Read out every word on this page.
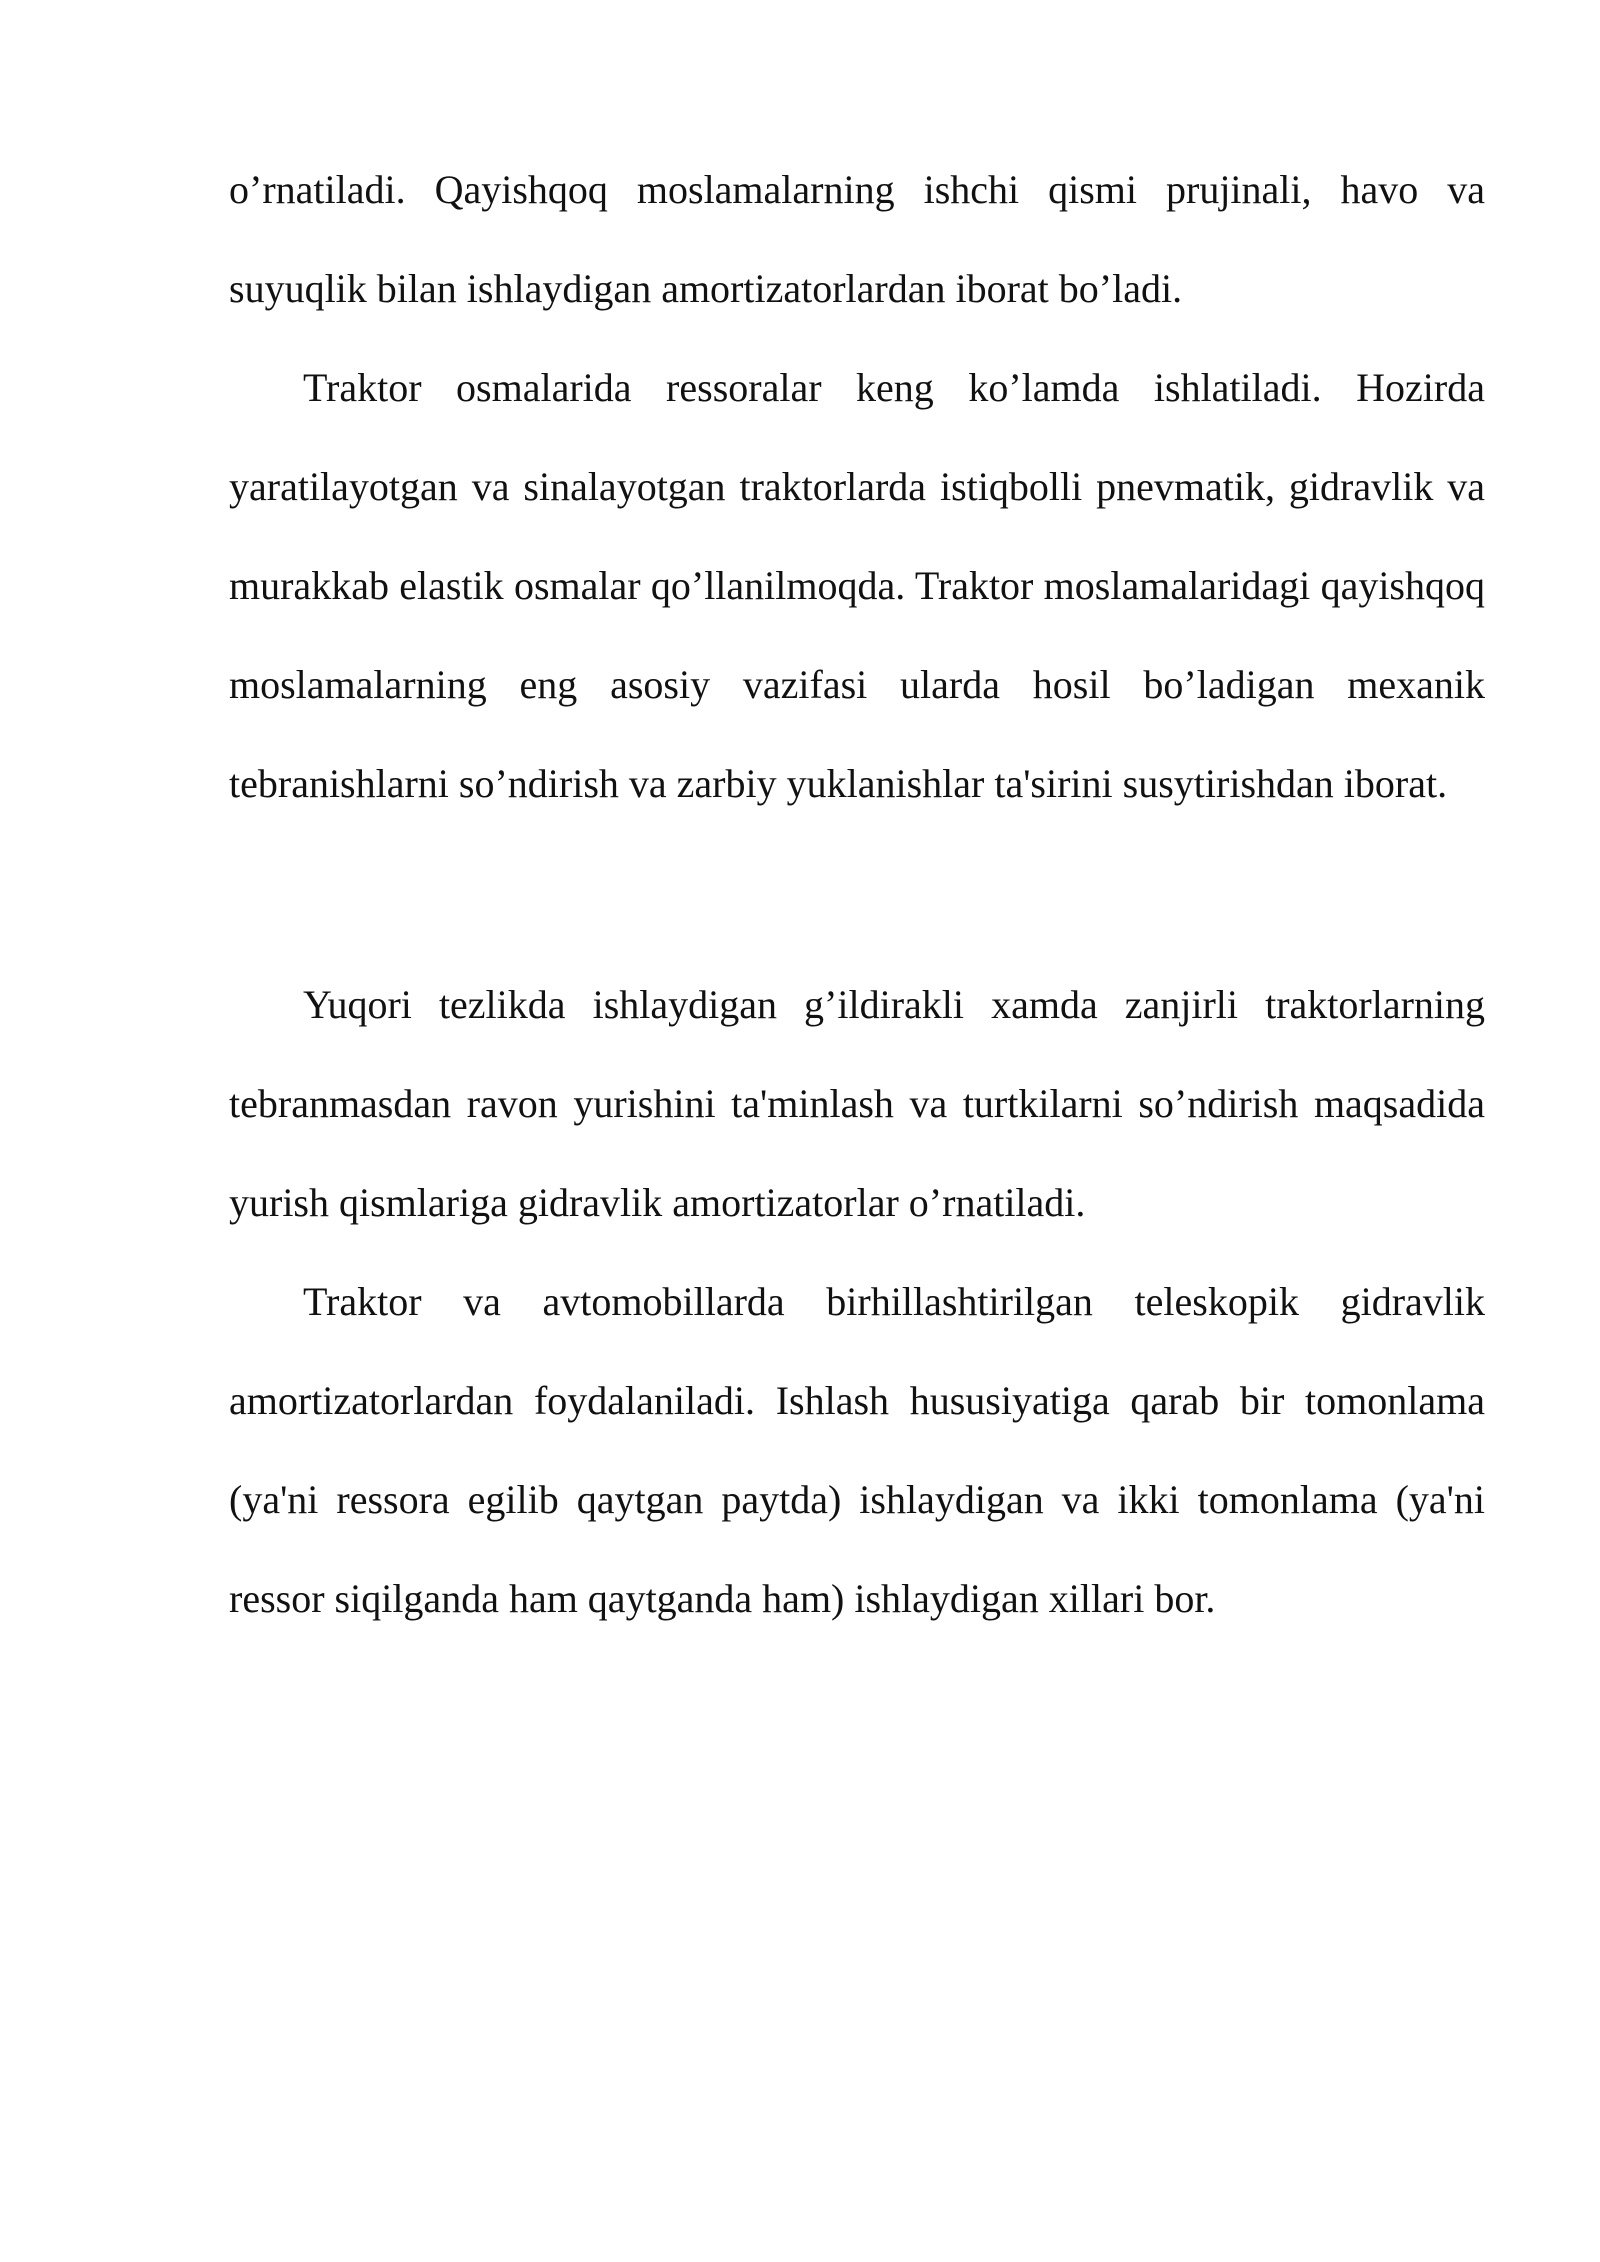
o’rnatiladi. Qayishqoq moslamalarning ishchi qismi prujinali, havo va suyuqlik bilan ishlaydigan amortizatorlardan iborat bo’ladi.

Traktor osmalarida ressoralar keng ko’lamda ishlatiladi. Hozirda yaratilayotgan va sinalayotgan traktorlarda istiqbolli pnevmatik, gidravlik va murakkab elastik osmalar qo’llanilmoqda. Traktor moslamalaridagi qayishqoq moslamalarning eng asosiy vazifasi ularda hosil bo’ladigan mexanik tebranishlarni so’ndirish va zarbiy yuklanishlar ta'sirini susytirishdan iborat.

Yuqori tezlikda ishlaydigan g’ildirakli xamda zanjirli traktorlarning tebranmasdan ravon yurishini ta'minlash va turtkilarni so’ndirish maqsadida yurish qismlariga gidravlik amortizatorlar o’rnatiladi.

Traktor va avtomobillarda birhillashtirilgan teleskopik gidravlik amortizatorlardan foydalaniladi. Ishlash hususiyatiga qarab bir tomonlama (ya'ni ressora egilib qaytgan paytda) ishlaydigan va ikki tomonlama (ya'ni ressor siqilganda ham qaytganda ham) ishlaydigan xillari bor.
